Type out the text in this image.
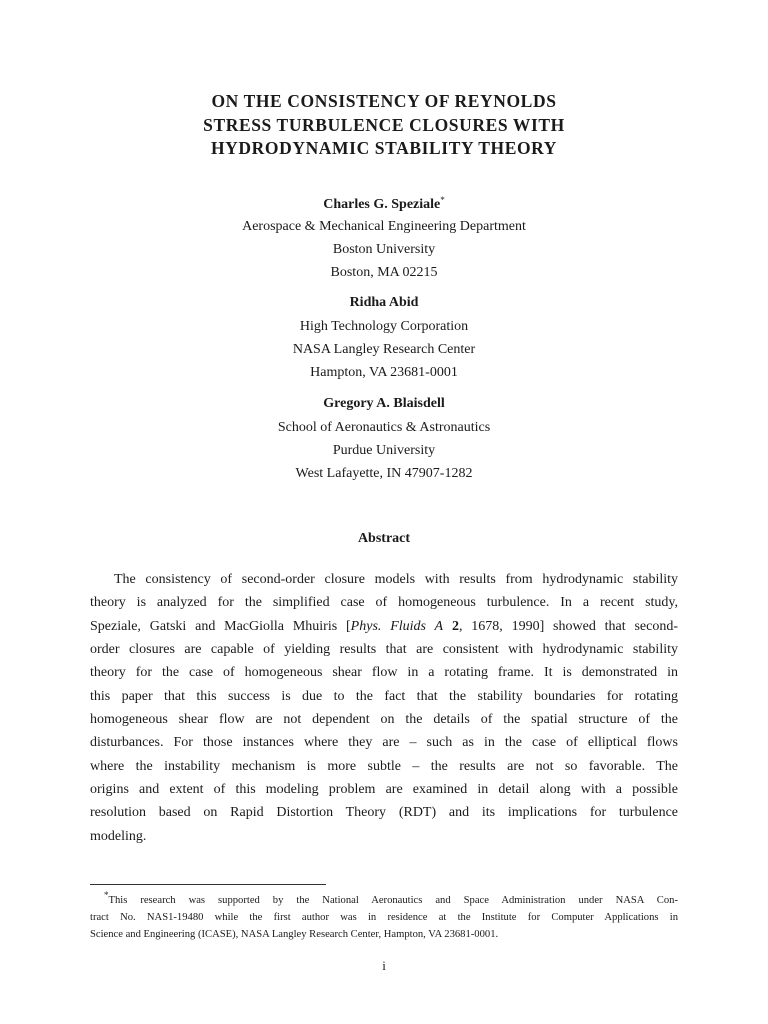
ON THE CONSISTENCY OF REYNOLDS
STRESS TURBULENCE CLOSURES WITH
HYDRODYNAMIC STABILITY THEORY
Charles G. Speziale*
Aerospace & Mechanical Engineering Department
Boston University
Boston, MA 02215
Ridha Abid
High Technology Corporation
NASA Langley Research Center
Hampton, VA 23681-0001
Gregory A. Blaisdell
School of Aeronautics & Astronautics
Purdue University
West Lafayette, IN 47907-1282
Abstract
The consistency of second-order closure models with results from hydrodynamic stability
theory is analyzed for the simplified case of homogeneous turbulence. In a recent study,
Speziale, Gatski and MacGiolla Mhuiris [Phys. Fluids A 2, 1678, 1990] showed that second-
order closures are capable of yielding results that are consistent with hydrodynamic stability
theory for the case of homogeneous shear flow in a rotating frame. It is demonstrated in
this paper that this success is due to the fact that the stability boundaries for rotating
homogeneous shear flow are not dependent on the details of the spatial structure of the
disturbances. For those instances where they are – such as in the case of elliptical flows
where the instability mechanism is more subtle – the results are not so favorable. The
origins and extent of this modeling problem are examined in detail along with a possible
resolution based on Rapid Distortion Theory (RDT) and its implications for turbulence
modeling.
*This research was supported by the National Aeronautics and Space Administration under NASA Con-
tract No. NAS1-19480 while the first author was in residence at the Institute for Computer Applications in
Science and Engineering (ICASE), NASA Langley Research Center, Hampton, VA 23681-0001.
i
